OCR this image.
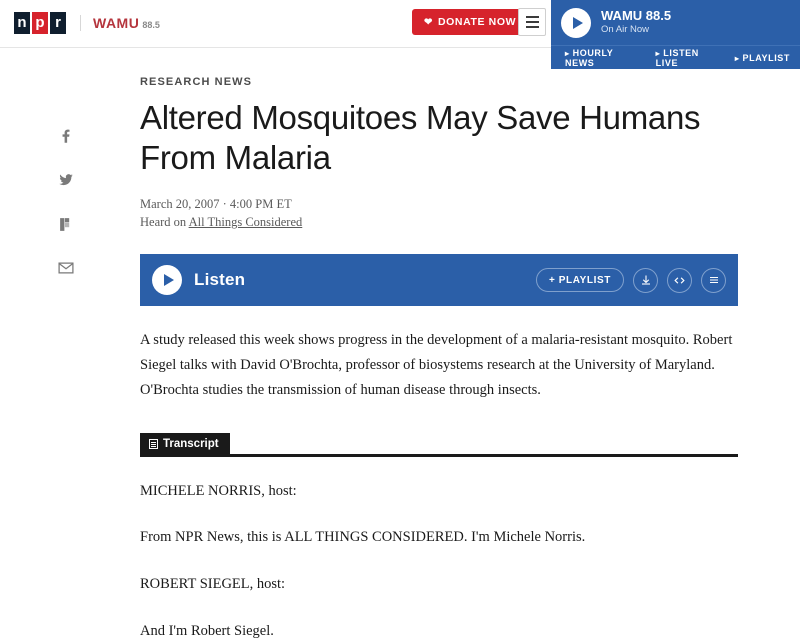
n p r	WAMU 88.5	❤ DONATE NOW	WAMU 88.5
On Air Now
▸ HOURLY NEWS
▸ LISTEN LIVE	▸ PLAYLIST
RESEARCH NEWS
Altered Mosquitoes May Save Humans From Malaria
March 20, 2007 · 4:00 PM ET
Heard on All Things Considered
Listen	+ PLAYLIST
A study released this week shows progress in the development of a malaria-resistant mosquito. Robert Siegel talks with David O'Brochta, professor of biosystems research at the University of Maryland. O'Brochta studies the transmission of human disease through insects.
Transcript

MICHELE NORRIS, host:

From NPR News, this is ALL THINGS CONSIDERED. I'm Michele Norris.

ROBERT SIEGEL, host:

And I'm Robert Siegel.
